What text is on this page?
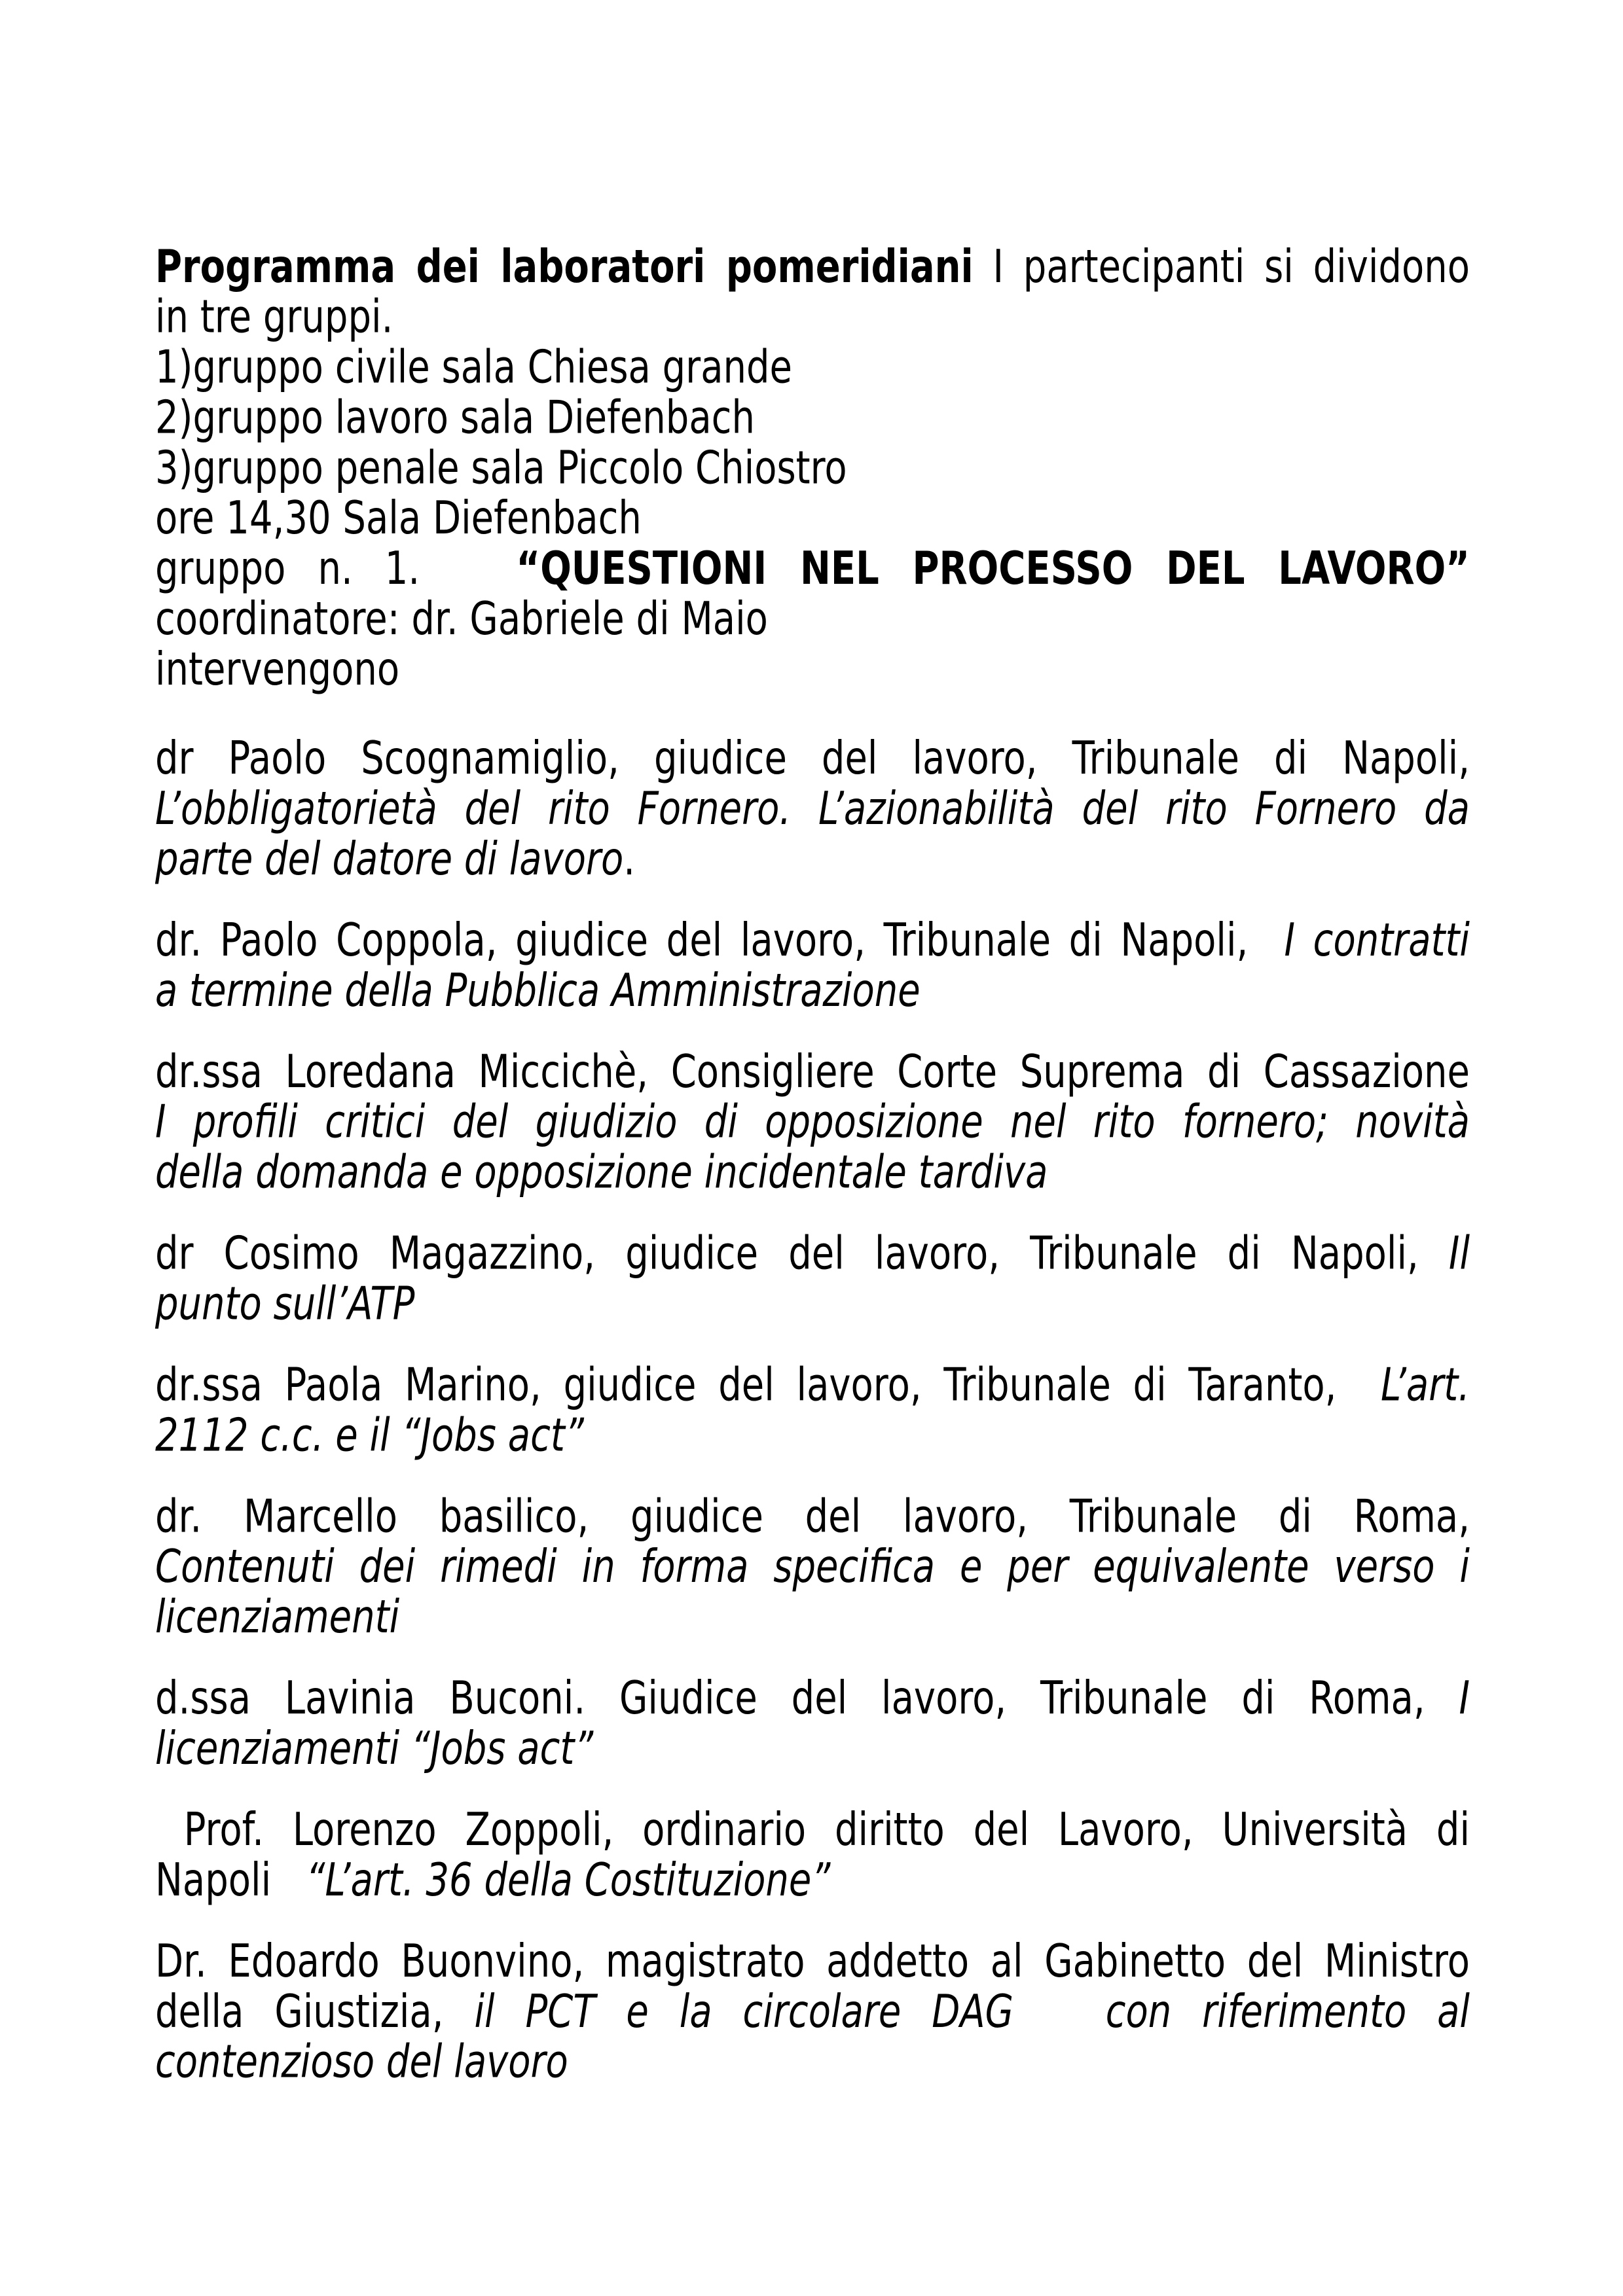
Programma dei laboratori pomeridiani I partecipanti si dividono
in tre gruppi.
1)gruppo civile sala Chiesa grande
2)gruppo lavoro sala Diefenbach
3)gruppo penale sala Piccolo Chiostro
ore 14,30 Sala Diefenbach
gruppo n. 1.   “QUESTIONI NEL PROCESSO DEL LAVORO”
coordinatore: dr. Gabriele di Maio
intervengono
dr Paolo Scognamiglio, giudice del lavoro, Tribunale di Napoli,
L’obbligatorietà del rito Fornero. L’azionabilità del rito Fornero da
parte del datore di lavoro.
dr. Paolo Coppola, giudice del lavoro, Tribunale di Napoli,  I contratti
a termine della Pubblica Amministrazione
dr.ssa Loredana Miccichè, Consigliere Corte Suprema di Cassazione
I profili critici del giudizio di opposizione nel rito fornero; novità
della domanda e opposizione incidentale tardiva
dr Cosimo Magazzino, giudice del lavoro, Tribunale di Napoli, Il
punto sull’ATP
dr.ssa Paola Marino, giudice del lavoro, Tribunale di Taranto,  L’art.
2112 c.c. e il “Jobs act”
dr. Marcello basilico, giudice del lavoro, Tribunale di Roma,
Contenuti dei rimedi in forma specifica e per equivalente verso i
licenziamenti
d.ssa Lavinia Buconi. Giudice del lavoro, Tribunale di Roma, I
licenziamenti “Jobs act”
Prof. Lorenzo Zoppoli, ordinario diritto del Lavoro, Università di
Napoli   “L’art. 36 della Costituzione”
Dr. Edoardo Buonvino, magistrato addetto al Gabinetto del Ministro
della Giustizia, il PCT e la circolare DAG   con riferimento al
contenzioso del lavoro
